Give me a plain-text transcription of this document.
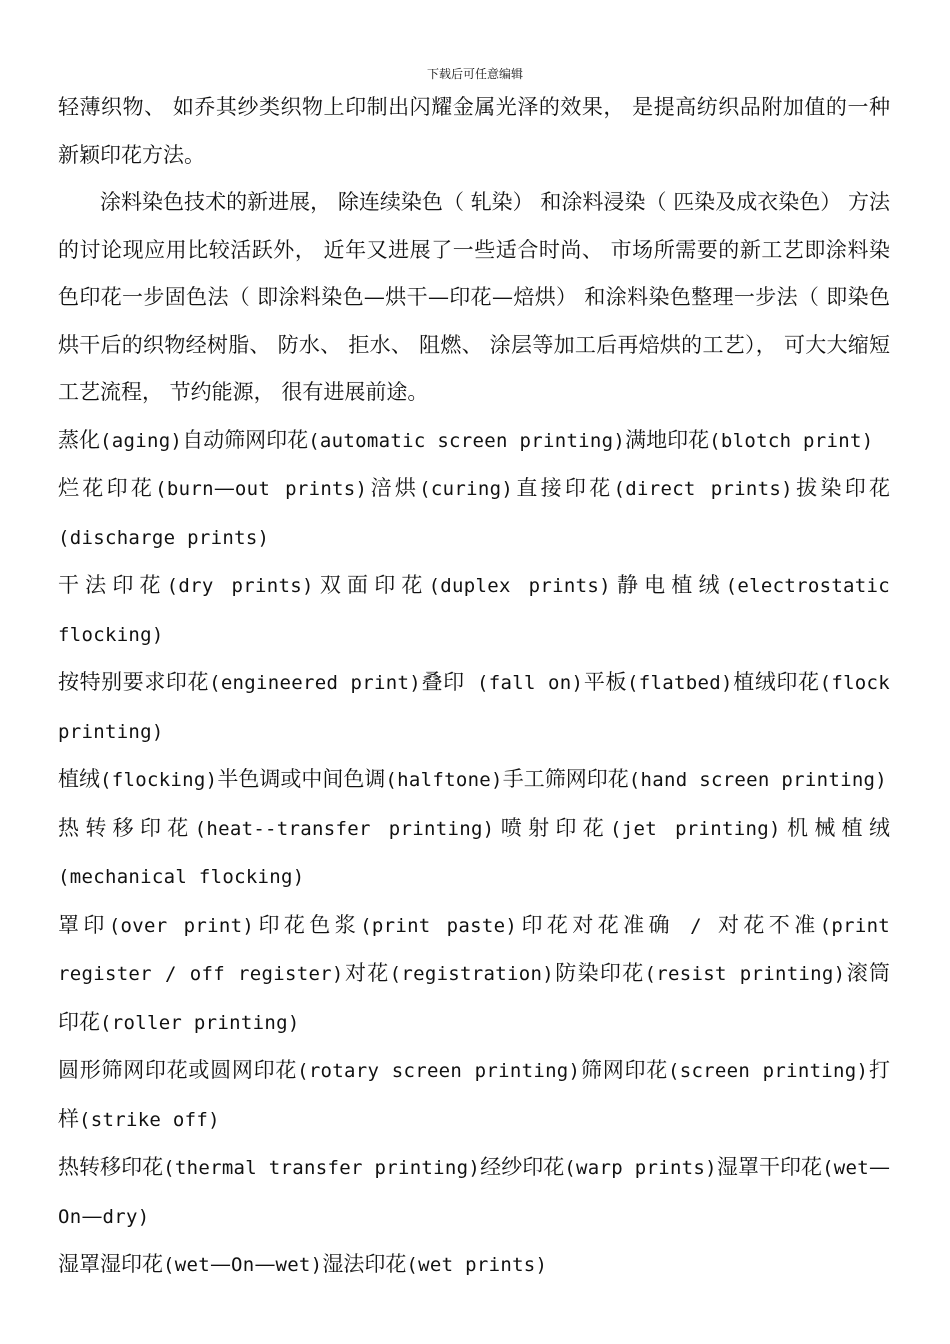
下载后可任意编辑

轻薄织物、 如乔其纱类织物上印制出闪耀金属光泽的效果， 是提高纺织品附加值的一种新颖印花方法。

涂料染色技术的新进展， 除连续染色（ 轧染） 和涂料浸染（ 匹染及成衣染色） 方法的讨论现应用比较活跃外， 近年又进展了一些适合时尚、 市场所需要的新工艺即涂料染色印花一步固色法（ 即涂料染色—烘干—印花—焙烘） 和涂料染色整理一步法（ 即染色烘干后的织物经树脂、 防水、 拒水、 阻燃、 涂层等加工后再焙烘的工艺）， 可大大缩短工艺流程， 节约能源， 很有进展前途。

蒸化(aging)自动筛网印花(automatic screen printing)满地印花(blotch print)

烂花印花(burn—out prints)涪烘(curing)直接印花(direct prints)拔染印花(discharge prints)

干法印花(dry prints)双面印花(duplex prints)静电植绒(electrostatic flocking)

按特别要求印花(engineered print)叠印 (fall on)平板(flatbed)植绒印花(flock printing)

植绒(flocking)半色调或中间色调(halftone)手工筛网印花(hand screen printing)

热转移印花(heat--transfer printing)喷射印花(jet printing)机械植绒(mechanical flocking)

罩印(over print)印花色浆(print paste)印花对花准确 / 对花不准(print register / off register)对花(registration)防染印花(resist printing)滚筒印花(roller printing)

圆形筛网印花或圆网印花(rotary screen printing)筛网印花(screen printing)打样(strike off)

热转移印花(thermal transfer printing)经纱印花(warp prints)湿罩干印花(wet—On—dry)

湿罩湿印花(wet—On—wet)湿法印花(wet prints)
